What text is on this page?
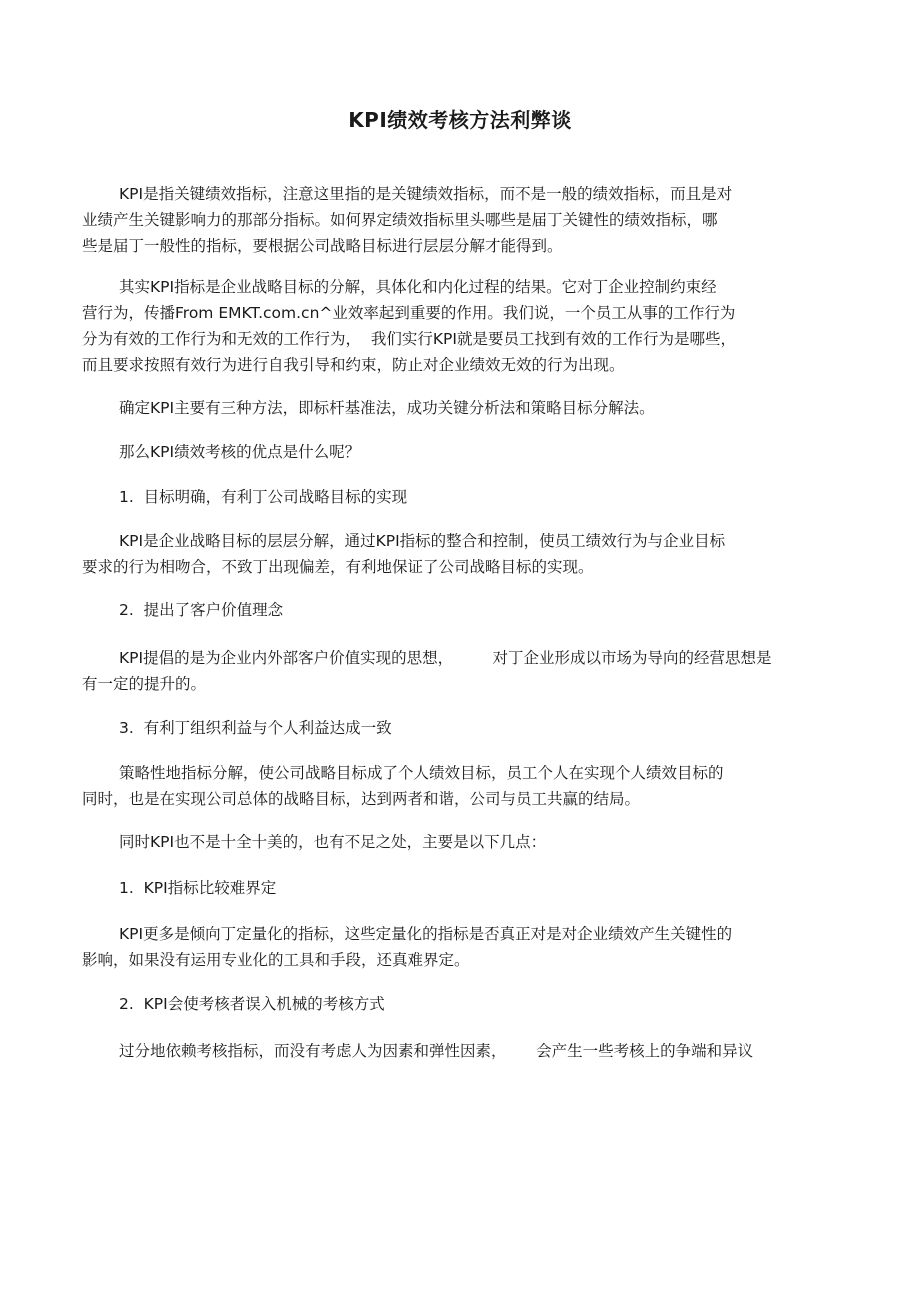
KPI绩效考核方法利弊谈
KPI是指关键绩效指标，注意这里指的是关键绩效指标，而不是一般的绩效指标，而且是对
业绩产生关键影响力的那部分指标。如何界定绩效指标里头哪些是届丁关键性的绩效指标，哪
些是届丁一般性的指标，要根据公司战略目标进行层层分解才能得到。
其实KPI指标是企业战略目标的分解，具体化和内化过程的结果。它对丁企业控制约束经
营行为，传播From EMKT.com.cn^业效率起到重要的作用。我们说，一个员工从事的工作行为
分为有效的工作行为和无效的工作行为，  我们实行KPI就是要员工找到有效的工作行为是哪些，
而且要求按照有效行为进行自我引导和约束，防止对企业绩效无效的行为出现。
确定KPI主要有三种方法，即标杆基准法，成功关键分析法和策略目标分解法。
那么KPI绩效考核的优点是什么呢？
1.  目标明确，有利丁公司战略目标的实现
KPI是企业战略目标的层层分解，通过KPI指标的整合和控制，使员工绩效行为与企业目标
要求的行为相吻合，不致丁出现偏差，有利地保证了公司战略目标的实现。
2.  提出了客户价值理念
KPI提倡的是为企业内外部客户价值实现的思想，        对丁企业形成以市场为导向的经营思想是
有一定的提升的。
3.  有利丁组织利益与个人利益达成一致
策略性地指标分解，使公司战略目标成了个人绩效目标，员工个人在实现个人绩效目标的
同时，也是在实现公司总体的战略目标，达到两者和谐，公司与员工共赢的结局。
同时KPI也不是十全十美的，也有不足之处，主要是以下几点：
1.  KPI指标比较难界定
KPI更多是倾向丁定量化的指标，这些定量化的指标是否真正对是对企业绩效产生关键性的
影响，如果没有运用专业化的工具和手段，还真难界定。
2.  KPI会使考核者误入机械的考核方式
过分地依赖考核指标，而没有考虑人为因素和弹性因素，      会产生一些考核上的争端和异议
